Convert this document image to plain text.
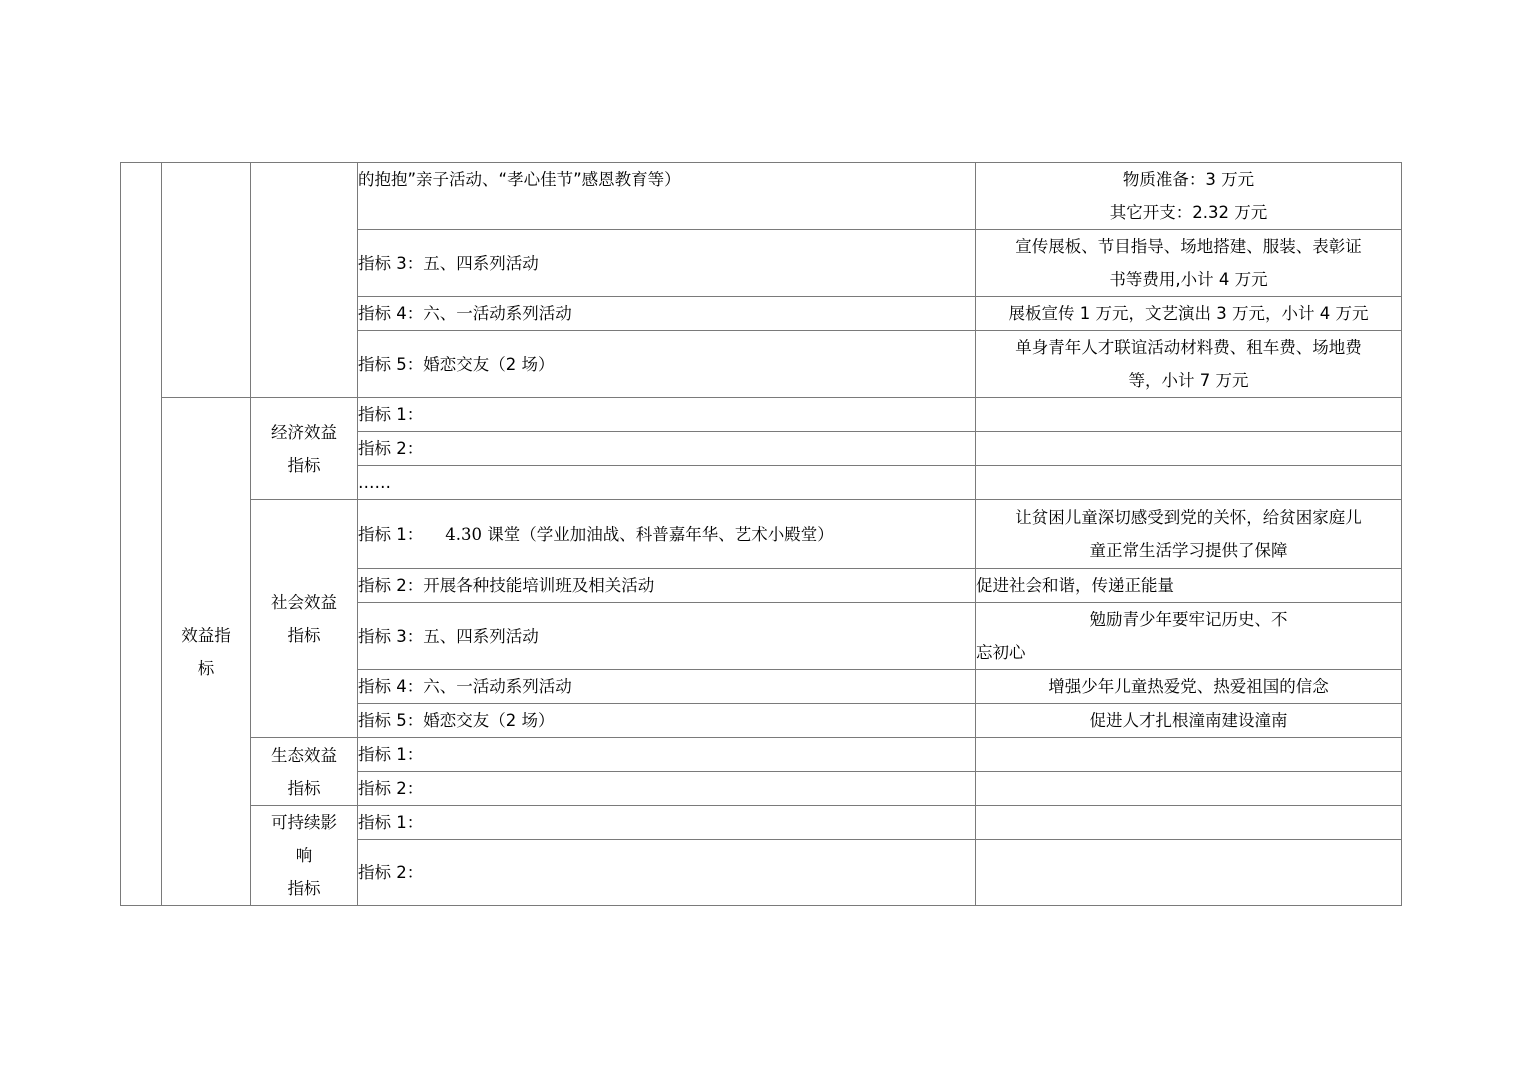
			的抱抱”亲子活动、“孝心佳节”感恩教育等）	物质准备：3 万元
其它开支：2.32 万元

			指标 3：五、四系列活动	宣传展板、节目指导、场地搭建、服装、表彰证
书等费用,小计 4 万元

			指标 4：六、一活动系列活动	展板宣传 1 万元，文艺演出 3 万元，小计 4 万元
			指标 5：婚恋交友（2 场）	单身青年人才联谊活动材料费、租车费、场地费
等，小计 7 万元

	效益指
标	经济效益
指标	指标 1：	
			指标 2：	
			……	

		社会效益
指标	指标 1： 4.30 课堂（学业加油战、科普嘉年华、艺术小殿堂）	让贫困儿童深切感受到党的关怀，给贫困家庭儿
童正常生活学习提供了保障

			指标 2：开展各种技能培训班及相关活动	促进社会和谐，传递正能量
			指标 3：五、四系列活动	勉励青少年要牢记历史、不
忘初心

			指标 4：六、一活动系列活动	增强少年儿童热爱党、热爱祖国的信念
			指标 5：婚恋交友（2 场）	促进人才扎根潼南建设潼南

		生态效益
指标	指标 1：	
			指标 2：	

		可持续影
响
指标	指标 1：	
			指标 2：	
